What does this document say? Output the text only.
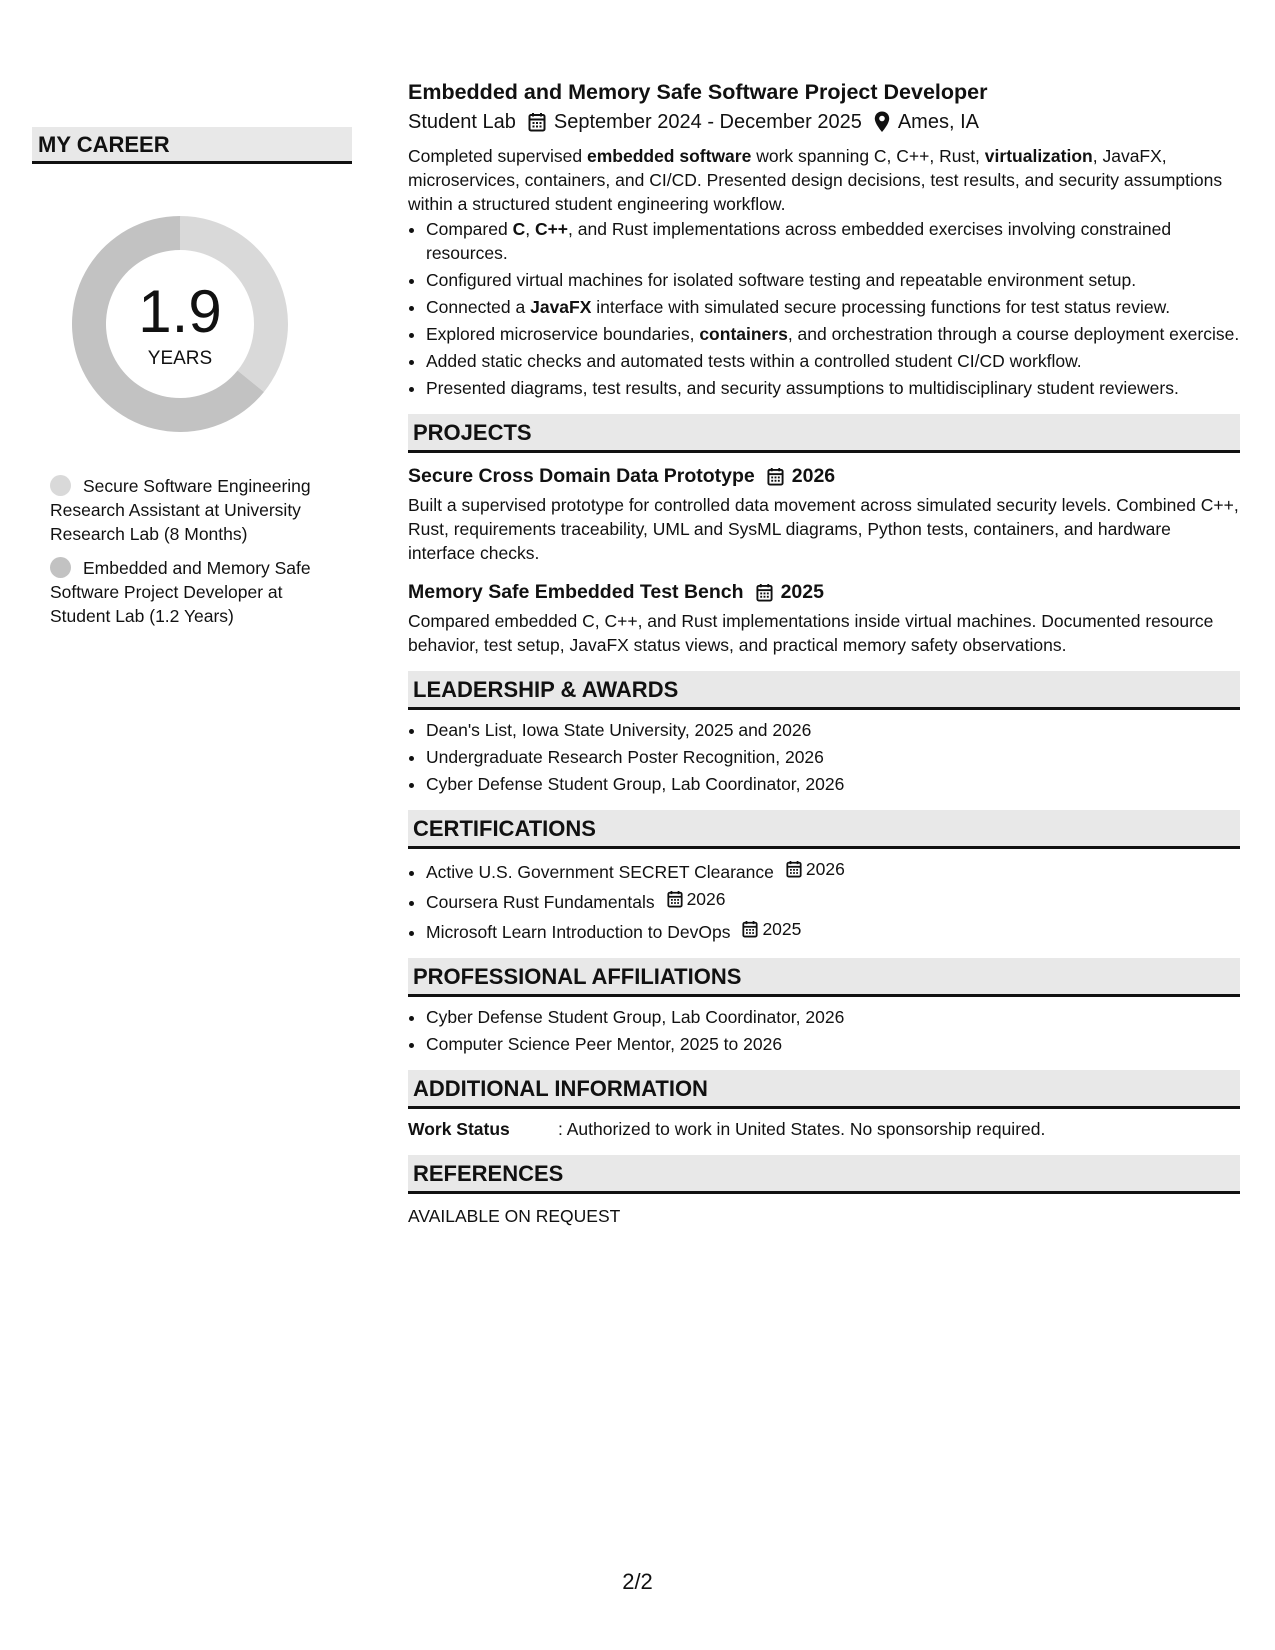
MY CAREER
1.9
YEARS
Secure Software Engineering Research Assistant at University Research Lab (8 Months)
Embedded and Memory Safe Software Project Developer at Student Lab (1.2 Years)
Embedded and Memory Safe Software Project Developer
Student Lab September 2024 - December 2025 Ames, IA
Completed supervised embedded software work spanning C, C++, Rust, virtualization, JavaFX, microservices, containers, and CI/CD. Presented design decisions, test results, and security assumptions within a structured student engineering workflow.
• Compared C, C++, and Rust implementations across embedded exercises involving constrained resources.
• Configured virtual machines for isolated software testing and repeatable environment setup.
• Connected a JavaFX interface with simulated secure processing functions for test status review.
• Explored microservice boundaries, containers, and orchestration through a course deployment exercise.
• Added static checks and automated tests within a controlled student CI/CD workflow.
• Presented diagrams, test results, and security assumptions to multidisciplinary student reviewers.
PROJECTS
Secure Cross Domain Data Prototype 2026
Built a supervised prototype for controlled data movement across simulated security levels. Combined C++, Rust, requirements traceability, UML and SysML diagrams, Python tests, containers, and hardware interface checks.
Memory Safe Embedded Test Bench 2025
Compared embedded C, C++, and Rust implementations inside virtual machines. Documented resource behavior, test setup, JavaFX status views, and practical memory safety observations.
LEADERSHIP & AWARDS
• Dean's List, Iowa State University, 2025 and 2026
• Undergraduate Research Poster Recognition, 2026
• Cyber Defense Student Group, Lab Coordinator, 2026
CERTIFICATIONS
• Active U.S. Government SECRET Clearance 2026
• Coursera Rust Fundamentals 2026
• Microsoft Learn Introduction to DevOps 2025
PROFESSIONAL AFFILIATIONS
• Cyber Defense Student Group, Lab Coordinator, 2026
• Computer Science Peer Mentor, 2025 to 2026
ADDITIONAL INFORMATION
Work Status	: Authorized to work in United States. No sponsorship required.
REFERENCES
AVAILABLE ON REQUEST
2/2
